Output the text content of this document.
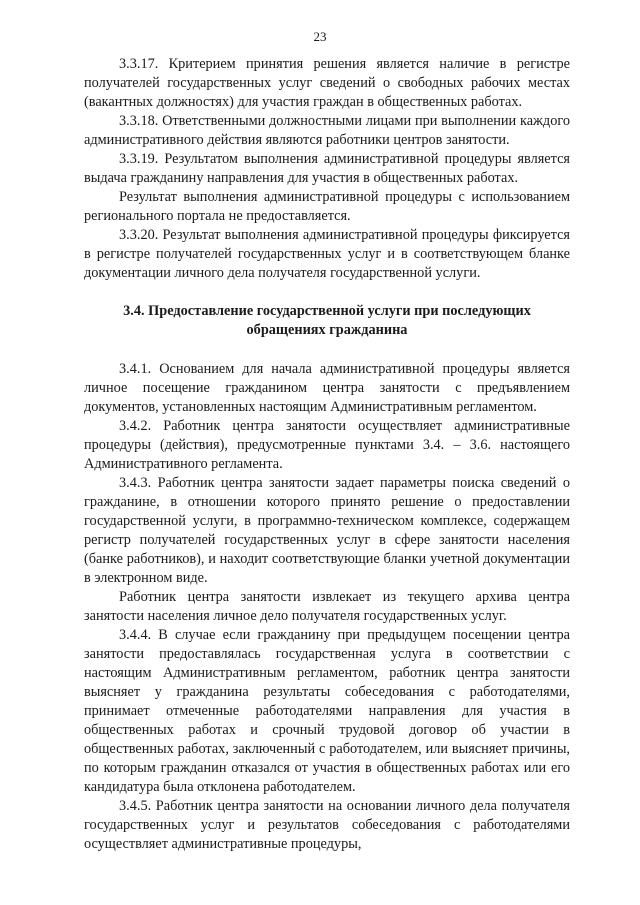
23

3.3.17. Критерием принятия решения является наличие в регистре получателей государственных услуг сведений о свободных рабочих местах (вакантных должностях) для участия граждан в общественных работах.

3.3.18. Ответственными должностными лицами при выполнении каждого административного действия являются работники центров занятости.

3.3.19. Результатом выполнения административной процедуры является выдача гражданину направления для участия в общественных работах.

Результат выполнения административной процедуры с использованием регионального портала не предоставляется.

3.3.20. Результат выполнения административной процедуры фиксируется в регистре получателей государственных услуг и в соответствующем бланке документации личного дела получателя государственной услуги.

3.4. Предоставление государственной услуги при последующих обращениях гражданина

3.4.1. Основанием для начала административной процедуры является личное посещение гражданином центра занятости с предъявлением документов, установленных настоящим Административным регламентом.

3.4.2. Работник центра занятости осуществляет административные процедуры (действия), предусмотренные пунктами 3.4. – 3.6. настоящего Административного регламента.

3.4.3. Работник центра занятости задает параметры поиска сведений о гражданине, в отношении которого принято решение о предоставлении государственной услуги, в программно-техническом комплексе, содержащем регистр получателей государственных услуг в сфере занятости населения (банке работников), и находит соответствующие бланки учетной документации в электронном виде.

Работник центра занятости извлекает из текущего архива центра занятости населения личное дело получателя государственных услуг.

3.4.4. В случае если гражданину при предыдущем посещении центра занятости предоставлялась государственная услуга в соответствии с настоящим Административным регламентом, работник центра занятости выясняет у гражданина результаты собеседования с работодателями, принимает отмеченные работодателями направления для участия в общественных работах и срочный трудовой договор об участии в общественных работах, заключенный с работодателем, или выясняет причины, по которым гражданин отказался от участия в общественных работах или его кандидатура была отклонена работодателем.

3.4.5. Работник центра занятости на основании личного дела получателя государственных услуг и результатов собеседования с работодателями осуществляет административные процедуры,
